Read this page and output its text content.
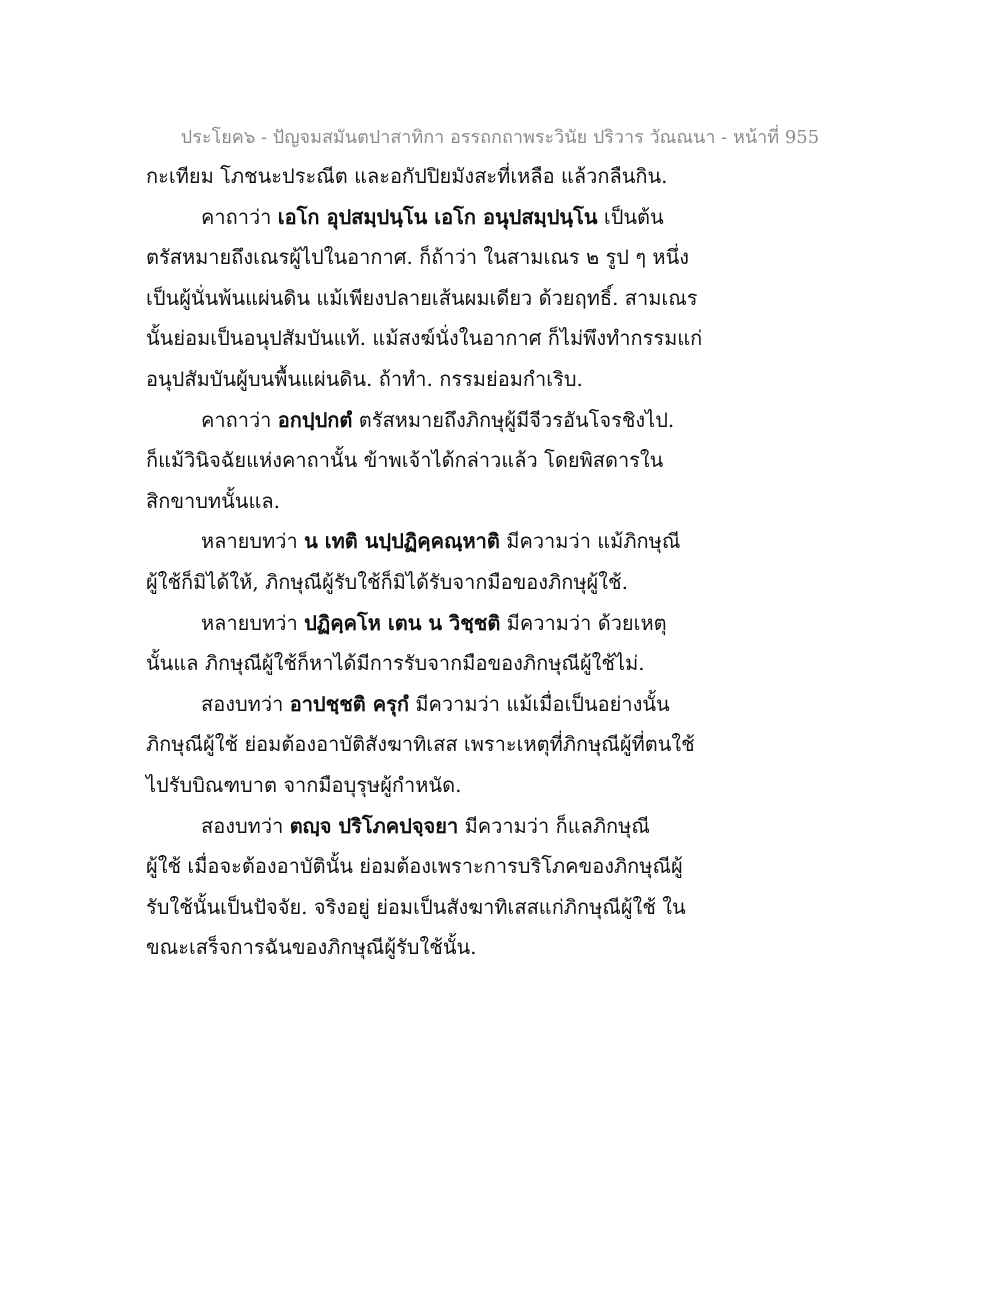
ประโยค๖ - ปัญจมสมันตปาสาทิกา อรรถกถาพระวินัย ปริวาร วัณณนา - หน้าที่ 955
กะเทียม โภชนะประณีต และอกัปปิยมังสะที่เหลือ แล้วกลืนกิน.
คาถาว่า เอโก อุปสมฺปนฺโน เอโก อนุปสมฺปนฺโน เป็นต้น
ตรัสหมายถึงเณรผู้ไปในอากาศ. ก็ถ้าว่า ในสามเณร ๒ รูป ๆ หนึ่ง
เป็นผู้นั่นพ้นแผ่นดิน แม้เพียงปลายเส้นผมเดียว ด้วยฤทธิ์. สามเณร
นั้นย่อมเป็นอนุปสัมบันแท้. แม้สงฆ์นั่งในอากาศ ก็ไม่พึงทำกรรมแก่
อนุปสัมบันผู้บนพื้นแผ่นดิน. ถ้าทำ. กรรมย่อมกำเริบ.
คาถาว่า อกปฺปกตํ ตรัสหมายถึงภิกษุผู้มีจีวรอันโจรชิงไป.
ก็แม้วินิจฉัยแห่งคาถานั้น ข้าพเจ้าได้กล่าวแล้ว โดยพิสดารใน
สิกขาบทนั้นแล.
หลายบทว่า น เทติ นปฺปฏิคฺคณฺหาติ มีความว่า แม้ภิกษุณี
ผู้ใช้ก็มิได้ให้, ภิกษุณีผู้รับใช้ก็มิได้รับจากมือของภิกษุผู้ใช้.
หลายบทว่า ปฏิคฺคโห เตน น วิชฺชติ มีความว่า ด้วยเหตุ
นั้นแล ภิกษุณีผู้ใช้ก็หาได้มีการรับจากมือของภิกษุณีผู้ใช้ไม่.
สองบทว่า อาปชฺชติ ครุกํ มีความว่า แม้เมื่อเป็นอย่างนั้น
ภิกษุณีผู้ใช้ ย่อมต้องอาบัติสังฆาทิเสส เพราะเหตุที่ภิกษุณีผู้ที่ตนใช้
ไปรับบิณฑบาต จากมือบุรุษผู้กำหนัด.
สองบทว่า ตญฺจ ปริโภคปจฺจยา มีความว่า ก็แลภิกษุณี
ผู้ใช้ เมื่อจะต้องอาบัตินั้น ย่อมต้องเพราะการบริโภคของภิกษุณีผู้
รับใช้นั้นเป็นปัจจัย. จริงอยู่ ย่อมเป็นสังฆาทิเสสแก่ภิกษุณีผู้ใช้ ใน
ขณะเสร็จการฉันของภิกษุณีผู้รับใช้นั้น.
